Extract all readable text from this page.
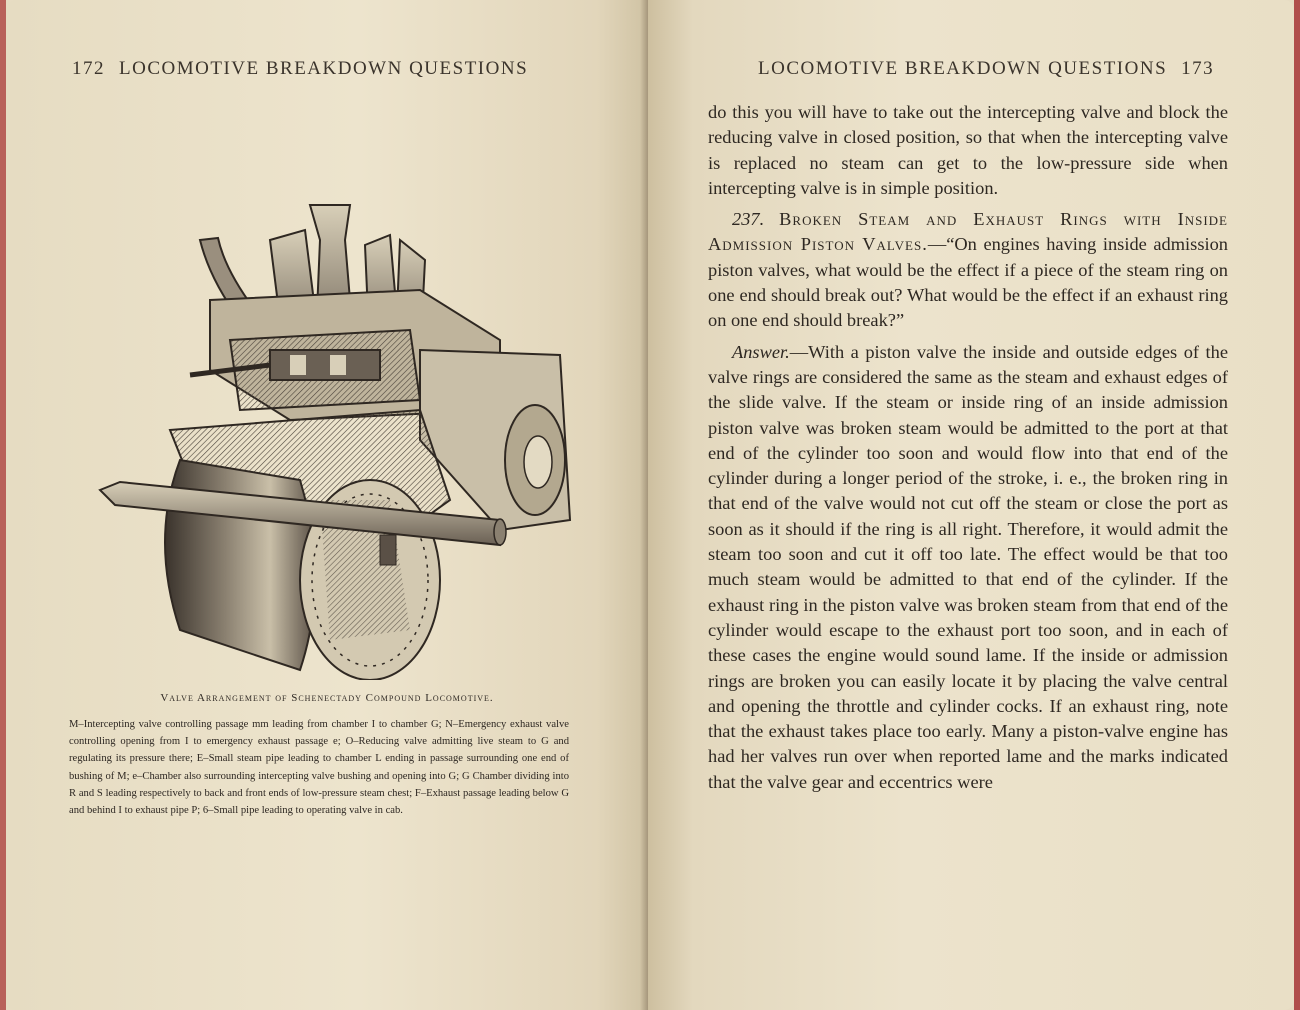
172 LOCOMOTIVE BREAKDOWN QUESTIONS
Valve Arrangement of Schenectady Compound Locomotive.
M–Intercepting valve controlling passage mm leading from chamber I to chamber G; N–Emergency exhaust valve controlling opening from I to emergency exhaust passage e; O–Reducing valve admitting live steam to G and regulating its pressure there; E–Small steam pipe leading to chamber L ending in passage surrounding one end of bushing of M; e–Chamber also surrounding intercepting valve bushing and opening into G; G Chamber dividing into R and S leading respectively to back and front ends of low-pressure steam chest; F–Exhaust passage leading below G and behind I to exhaust pipe P; 6–Small pipe leading to operating valve in cab.
LOCOMOTIVE BREAKDOWN QUESTIONS 173

do this you will have to take out the intercepting valve and block the reducing valve in closed position, so that when the intercepting valve is replaced no steam can get to the low-pressure side when intercepting valve is in simple position.

237. Broken Steam and Exhaust Rings with Inside Admission Piston Valves.—“On engines having inside admission piston valves, what would be the effect if a piece of the steam ring on one end should break out? What would be the effect if an exhaust ring on one end should break?”

Answer.—With a piston valve the inside and outside edges of the valve rings are considered the same as the steam and exhaust edges of the slide valve. If the steam or inside ring of an inside admission piston valve was broken steam would be admitted to the port at that end of the cylinder too soon and would flow into that end of the cylinder during a longer period of the stroke, i. e., the broken ring in that end of the valve would not cut off the steam or close the port as soon as it should if the ring is all right. Therefore, it would admit the steam too soon and cut it off too late. The effect would be that too much steam would be admitted to that end of the cylinder. If the exhaust ring in the piston valve was broken steam from that end of the cylinder would escape to the exhaust port too soon, and in each of these cases the engine would sound lame. If the inside or admission rings are broken you can easily locate it by placing the valve central and opening the throttle and cylinder cocks. If an exhaust ring, note that the exhaust takes place too early. Many a piston-valve engine has had her valves run over when reported lame and the marks indicated that the valve gear and eccentrics were
